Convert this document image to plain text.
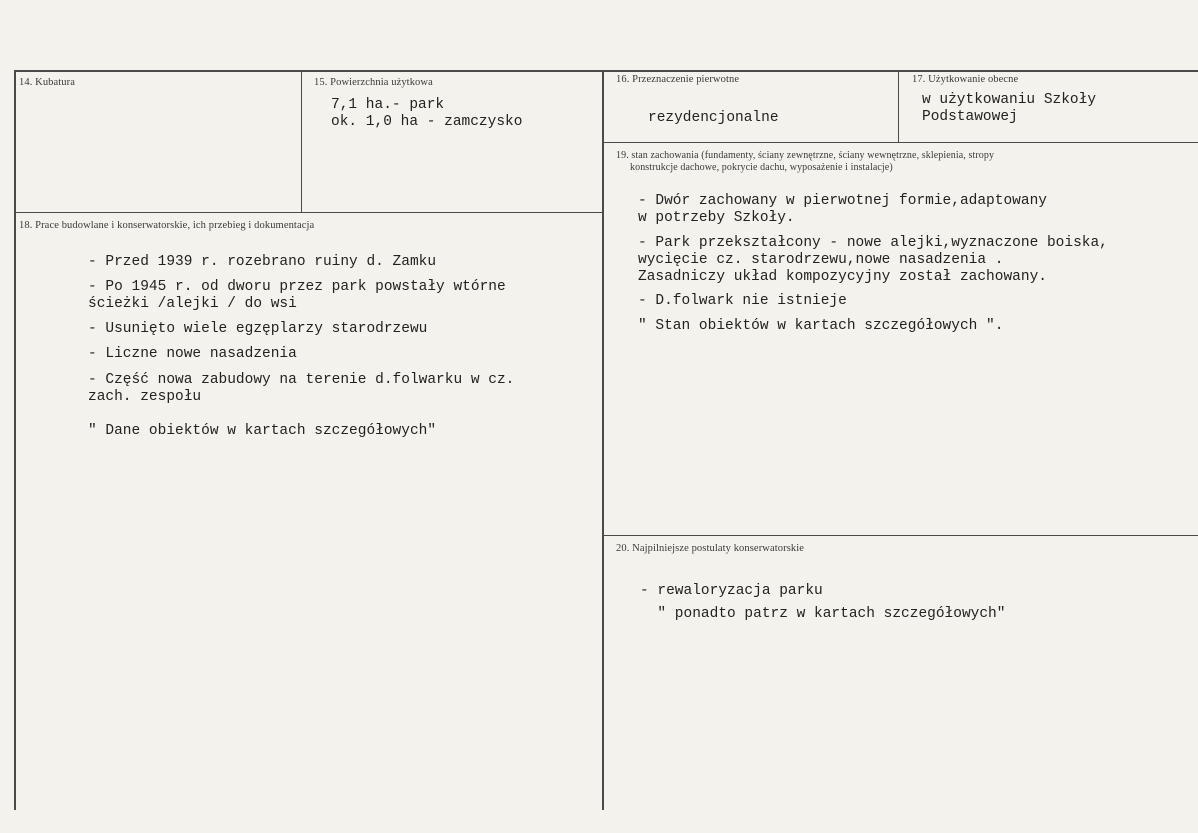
14. Kubatura	15. Powierzchnia użytkowa
7,1 ha.- park
ok. 1,0 ha - zamczysko
16. Przeznaczenie pierwotne
rezydencjonalne
17. Użytkowanie obecne
w użytkowaniu Szkoły
Podstawowej
18. Prace budowlane i konserwatorskie, ich przebieg i dokumentacja
- Przed 1939 r. rozebrano ruiny d. Zamku
- Po 1945 r. od dworu przez park powstały wtórne
ścieżki /alejki / do wsi
- Usunięto wiele egzęplarzy starodrzewu
- Liczne nowe nasadzenia
- Część nowa zabudowy na terenie d.folwarku w cz.
zach. zespołu
" Dane obiektów w kartach szczegółowych"
19. stan zachowania (fundamenty, ściany zewnętrzne, ściany wewnętrzne, sklepienia, stropy
konstrukcje dachowe, pokrycie dachu, wyposażenie i instalacje)
- Dwór zachowany w pierwotnej formie,adaptowany
w potrzeby Szkoły.
- Park przekształcony - nowe alejki,wyznaczone boiska,
wycięcie cz. starodrzewu,nowe nasadzenia .
Zasadniczy układ kompozycyjny został zachowany.
- D.folwark nie istnieje
" Stan obiektów w kartach szczegółowych ".
20. Najpilniejsze postulaty konserwatorskie
- rewaloryzacja parku
" ponadto patrz w kartach szczegółowych"
